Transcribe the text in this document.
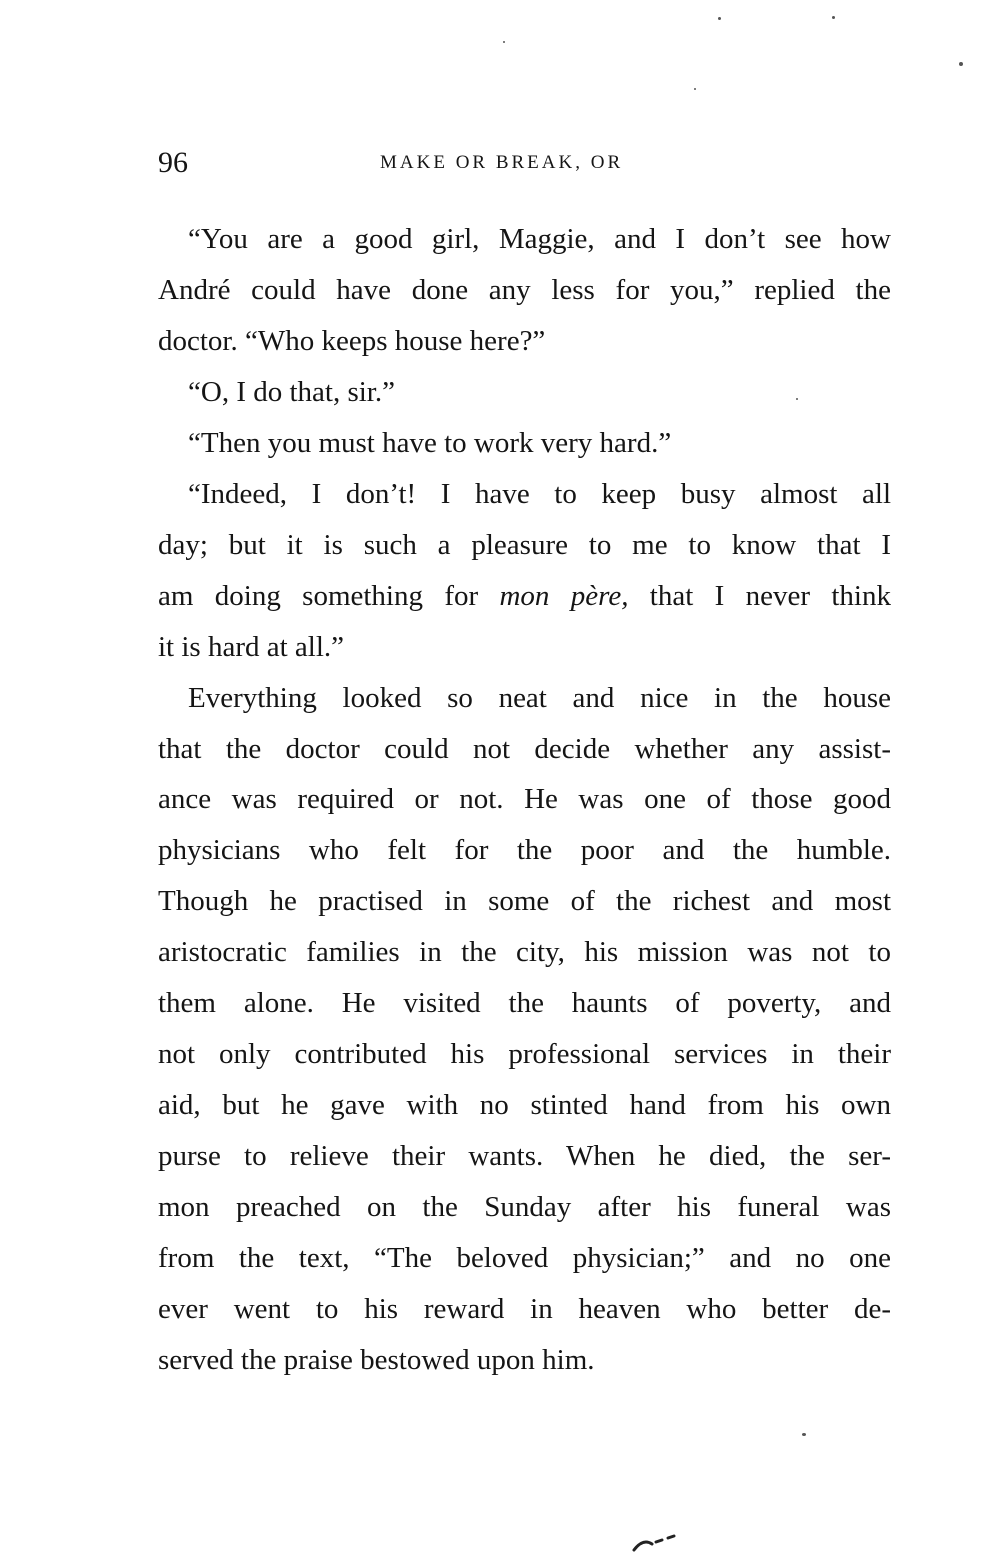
96	MAKE OR BREAK, OR
“You are a good girl, Maggie, and I don’t see how
André could have done any less for you,” replied the
doctor. “Who keeps house here?”
“O, I do that, sir.”
“Then you must have to work very hard.”
“Indeed, I don’t! I have to keep busy almost all
day; but it is such a pleasure to me to know that I
am doing something for mon père, that I never think
it is hard at all.”
Everything looked so neat and nice in the house
that the doctor could not decide whether any assist-
ance was required or not. He was one of those good
physicians who felt for the poor and the humble.
Though he practised in some of the richest and most
aristocratic families in the city, his mission was not to
them alone. He visited the haunts of poverty, and
not only contributed his professional services in their
aid, but he gave with no stinted hand from his own
purse to relieve their wants. When he died, the ser-
mon preached on the Sunday after his funeral was
from the text, “The beloved physician;” and no one
ever went to his reward in heaven who better de-
served the praise bestowed upon him.
